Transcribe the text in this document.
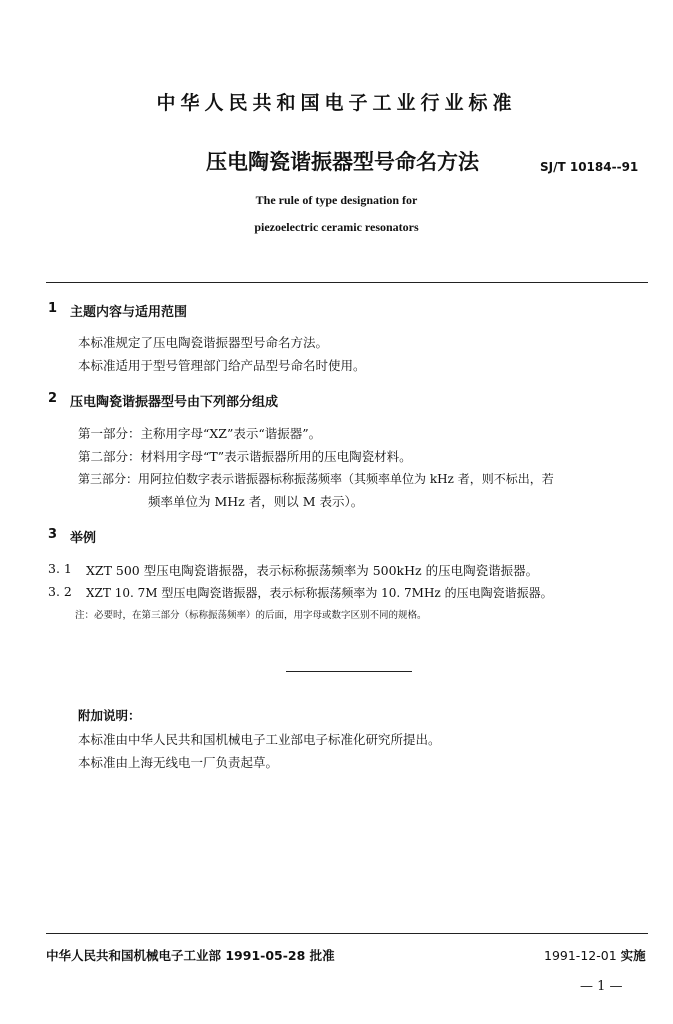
中华人民共和国电子工业行业标准
压电陶瓷谐振器型号命名方法	SJ/T 10184--91
The rule of type designation for
piezoelectric ceramic resonators
1 主题内容与适用范围
本标准规定了压电陶瓷谐振器型号命名方法。
本标准适用于型号管理部门给产品型号命名时使用。
2 压电陶瓷谐振器型号由下列部分组成
第一部分：主称用字母“XZ”表示“谐振器”。
第二部分：材料用字母“T”表示谐振器所用的压电陶瓷材料。
第三部分：用阿拉伯数字表示谐振器标称振荡频率（其频率单位为 kHz 者，则不标出，若
频率单位为 MHz 者，则以 M 表示）。
3 举例
3. 1 XZT 500 型压电陶瓷谐振器，表示标称振荡频率为 500kHz 的压电陶瓷谐振器。
3. 2 XZT 10. 7M 型压电陶瓷谐振器，表示标称振荡频率为 10. 7MHz 的压电陶瓷谐振器。
注：必要时，在第三部分（标称振荡频率）的后面，用字母或数字区别不同的规格。
附加说明：
本标准由中华人民共和国机械电子工业部电子标准化研究所提出。
本标准由上海无线电一厂负责起草。
中华人民共和国机械电子工业部 1991-05-28 批准	1991-12-01 实施
— 1 —
